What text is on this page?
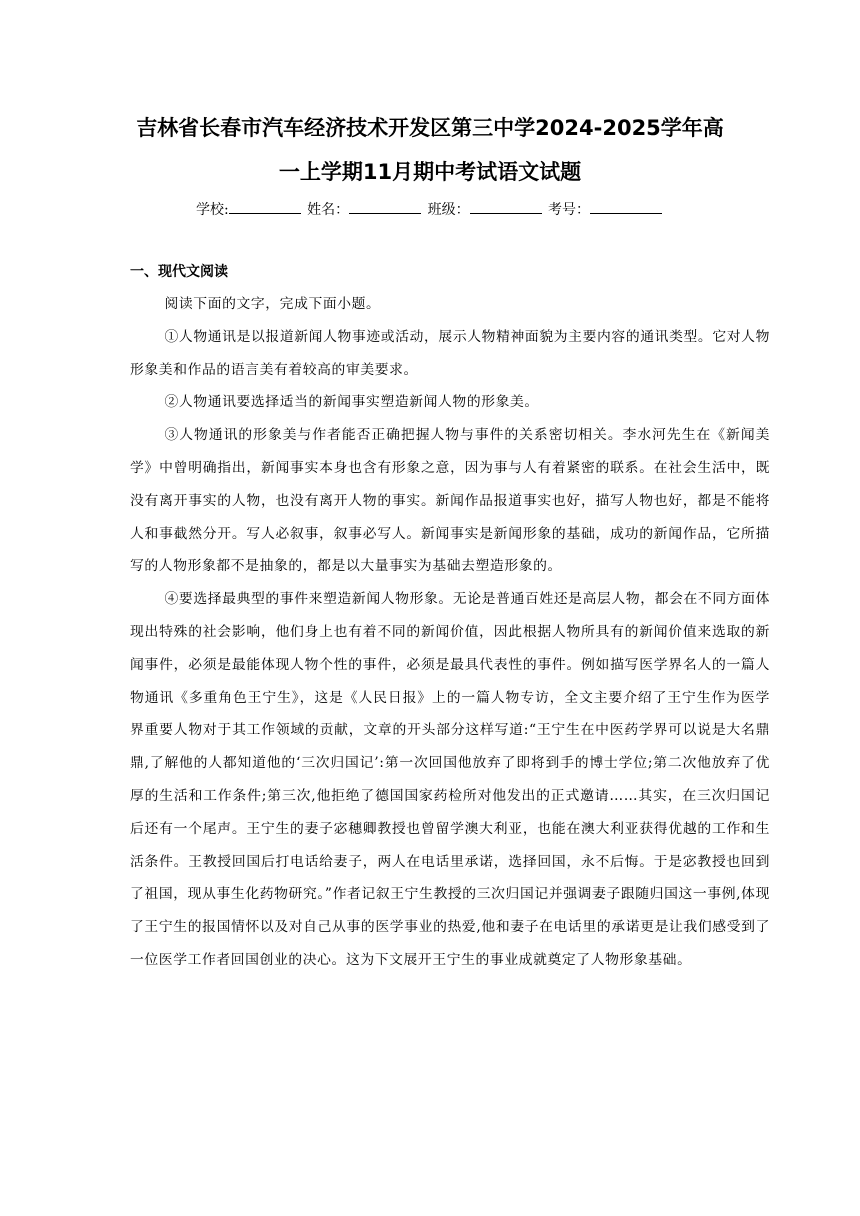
吉林省长春市汽车经济技术开发区第三中学2024-2025学年高
一上学期11月期中考试语文试题
学校:	姓名：	班级：	考号：
一、现代文阅读

阅读下面的文字，完成下面小题。

①人物通讯是以报道新闻人物事迹或活动，展示人物精神面貌为主要内容的通讯类型。它对人物形象美和作品的语言美有着较高的审美要求。

②人物通讯要选择适当的新闻事实塑造新闻人物的形象美。

③人物通讯的形象美与作者能否正确把握人物与事件的关系密切相关。李水河先生在《新闻美学》中曾明确指出，新闻事实本身也含有形象之意，因为事与人有着紧密的联系。在社会生活中，既没有离开事实的人物，也没有离开人物的事实。新闻作品报道事实也好，描写人物也好，都是不能将人和事截然分开。写人必叙事，叙事必写人。新闻事实是新闻形象的基础，成功的新闻作品，它所描写的人物形象都不是抽象的，都是以大量事实为基础去塑造形象的。

④要选择最典型的事件来塑造新闻人物形象。无论是普通百姓还是高层人物，都会在不同方面体现出特殊的社会影响，他们身上也有着不同的新闻价值，因此根据人物所具有的新闻价值来选取的新闻事件，必须是最能体现人物个性的事件，必须是最具代表性的事件。例如描写医学界名人的一篇人物通讯《多重角色王宁生》，这是《人民日报》上的一篇人物专访，全文主要介绍了王宁生作为医学界重要人物对于其工作领域的贡献，文章的开头部分这样写道:“王宁生在中医药学界可以说是大名鼎鼎,了解他的人都知道他的‘三次归国记’:第一次回国他放弃了即将到手的博士学位;第二次他放弃了优厚的生活和工作条件;第三次,他拒绝了德国国家药检所对他发出的正式邀请……其实，在三次归国记后还有一个尾声。王宁生的妻子宓穗卿教授也曾留学澳大利亚，也能在澳大利亚获得优越的工作和生活条件。王教授回国后打电话给妻子，两人在电话里承诺，选择回国，永不后悔。于是宓教授也回到了祖国，现从事生化药物研究。”作者记叙王宁生教授的三次归国记并强调妻子跟随归国这一事例,体现了王宁生的报国情怀以及对自己从事的医学事业的热爱,他和妻子在电话里的承诺更是让我们感受到了一位医学工作者回国创业的决心。这为下文展开王宁生的事业成就奠定了人物形象基础。
